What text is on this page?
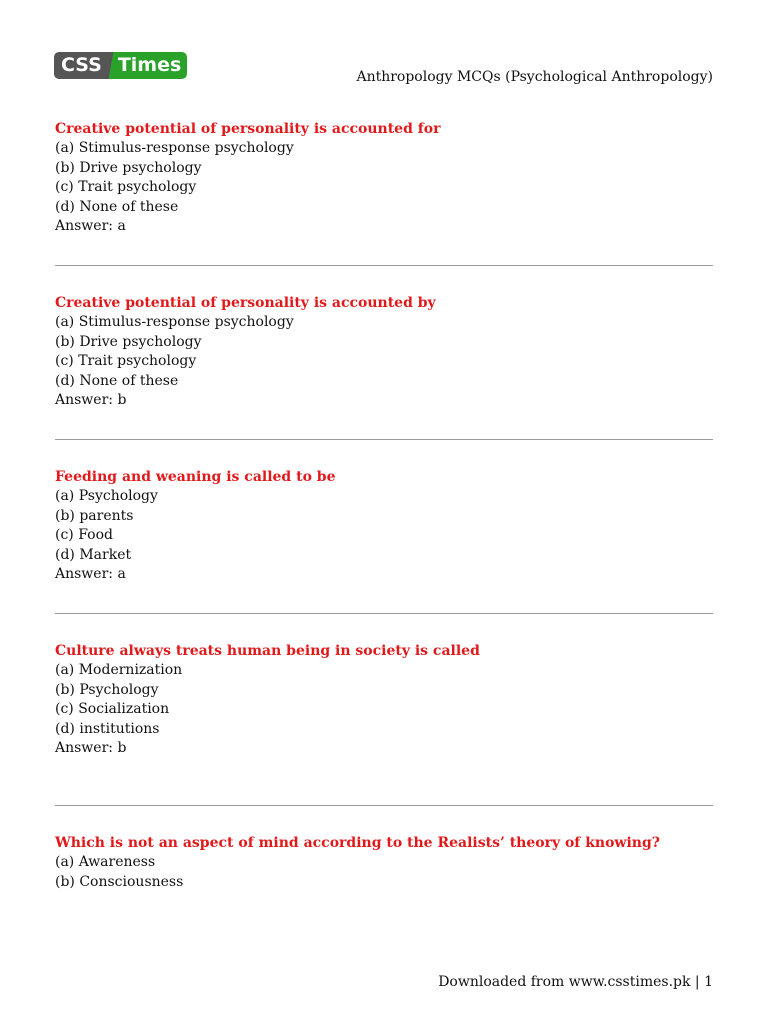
CSS Times
Anthropology MCQs (Psychological Anthropology)
Creative potential of personality is accounted for
(a) Stimulus-response psychology
(b) Drive psychology
(c) Trait psychology
(d) None of these
Answer: a
Creative potential of personality is accounted by
(a) Stimulus-response psychology
(b) Drive psychology
(c) Trait psychology
(d) None of these
Answer: b
Feeding and weaning is called to be
(a) Psychology
(b) parents
(c) Food
(d) Market
Answer: a
Culture always treats human being in society is called
(a) Modernization
(b) Psychology
(c) Socialization
(d) institutions
Answer: b
Which is not an aspect of mind according to the Realists’ theory of knowing?
(a) Awareness
(b) Consciousness
Downloaded from www.csstimes.pk | 1
